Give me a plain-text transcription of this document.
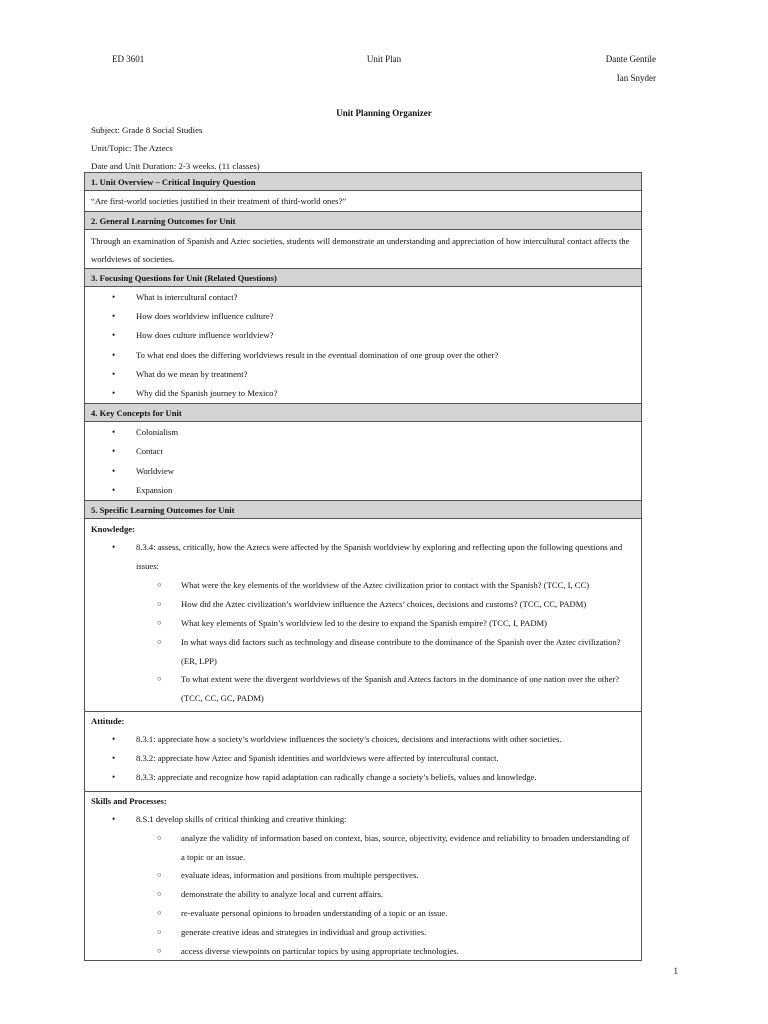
ED 3601	Unit Plan	Dante Gentile
Ian Snyder
Unit Planning Organizer
Subject: Grade 8 Social Studies
Unit/Topic: The Aztecs
Date and Unit Duration: 2-3 weeks. (11 classes)
1. Unit Overview – Critical Inquiry Question
“Are first-world societies justified in their treatment of third-world ones?”
2. General Learning Outcomes for Unit
Through an examination of Spanish and Aztec societies, students will demonstrate an understanding and appreciation of how intercultural contact affects the worldviews of societies.
3. Focusing Questions for Unit (Related Questions)
• What is intercultural contact?
• How does worldview influence culture?
• How does culture influence worldview?
• To what end does the differing worldviews result in the eventual domination of one group over the other?
• What do we mean by treatment?
• Why did the Spanish journey to Mexico?
4. Key Concepts for Unit
• Colonialism
• Contact
• Worldview
• Expansion
5. Specific Learning Outcomes for Unit
Knowledge:
• 8.3.4: assess, critically, how the Aztecs were affected by the Spanish worldview by exploring and reflecting upon the following questions and issues:
○ What were the key elements of the worldview of the Aztec civilization prior to contact with the Spanish? (TCC, I, CC)
○ How did the Aztec civilization’s worldview influence the Aztecs’ choices, decisions and customs? (TCC, CC, PADM)
○ What key elements of Spain’s worldview led to the desire to expand the Spanish empire? (TCC, I, PADM)
○ In what ways did factors such as technology and disease contribute to the dominance of the Spanish over the Aztec civilization? (ER, LPP)
○ To what extent were the divergent worldviews of the Spanish and Aztecs factors in the dominance of one nation over the other? (TCC, CC, GC, PADM)
Attitude:
• 8.3.1: appreciate how a society’s worldview influences the society’s choices, decisions and interactions with other societies.
• 8.3.2: appreciate how Aztec and Spanish identities and worldviews were affected by intercultural contact.
• 8.3.3: appreciate and recognize how rapid adaptation can radically change a society’s beliefs, values and knowledge.
Skills and Processes:
• 8.S.1 develop skills of critical thinking and creative thinking:
○ analyze the validity of information based on context, bias, source, objectivity, evidence and reliability to broaden understanding of a topic or an issue.
○ evaluate ideas, information and positions from multiple perspectives.
○ demonstrate the ability to analyze local and current affairs.
○ re-evaluate personal opinions to broaden understanding of a topic or an issue.
○ generate creative ideas and strategies in individual and group activities.
○ access diverse viewpoints on particular topics by using appropriate technologies.
1
